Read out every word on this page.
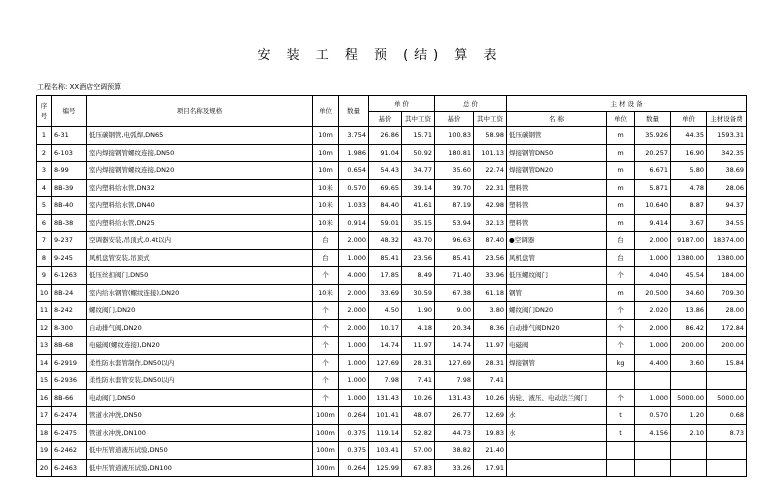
安 装 工 程 预 (结) 算 表
工程名称: XX酒店空调预算
序号	编号	项目名称及规格	单位	数量	单 价		总 价		主 材 设 备				
					基价	其中工资	基价	其中工资	名 称	单位	数量	单价	主材设备费
1	6-31	低压碳钢管,电弧焊,DN65	10m	3.754	26.86	15.71	100.83	58.98	低压碳钢管	m	35.926	44.35	1593.31
2	6-103	室内焊接钢管螺纹连接,DN50	10m	1.986	91.04	50.92	180.81	101.13	焊接钢管DN50	m	20.257	16.90	342.35
3	8-99	室内焊接钢管螺纹连接,DN20	10m	0.654	54.43	34.77	35.60	22.74	焊接钢管DN20	m	6.671	5.80	38.69
4	8B-39	室内塑料给水管,DN32	10米	0.570	69.65	39.14	39.70	22.31	塑料管	m	5.871	4.78	28.06
5	8B-40	室内塑料给水管,DN40	10米	1.033	84.40	41.61	87.19	42.98	塑料管	m	10.640	8.87	94.37
6	8B-38	室内塑料给水管,DN25	10米	0.914	59.01	35.15	53.94	32.13	塑料管	m	9.414	3.67	34.55
7	9-237	空调器安装,吊顶式,0.4t以内	台	2.000	48.32	43.70	96.63	87.40	●空调器	台	2.000	9187.00	18374.00
8	9-245	风机盘管安装,吊顶式	台	1.000	85.41	23.56	85.41	23.56	风机盘管	台	1.000	1380.00	1380.00
9	6-1263	低压丝扣阀门,DN50	个	4.000	17.85	8.49	71.40	33.96	低压螺纹阀门	个	4.040	45.54	184.00
10	8B-24	室内给水钢管(螺纹连接),DN20	10米	2.000	33.69	30.59	67.38	61.18	钢管	m	20.500	34.60	709.30
11	8-242	螺纹阀门,DN20	个	2.000	4.50	1.90	9.00	3.80	螺纹阀门DN20	个	2.020	13.86	28.00
12	8-300	自动排气阀,DN20	个	2.000	10.17	4.18	20.34	8.36	自动排气阀DN20	个	2.000	86.42	172.84
13	8B-68	电磁阀(螺纹连接),DN20	个	1.000	14.74	11.97	14.74	11.97	电磁阀	个	1.000	200.00	200.00
14	6-2919	柔性防水套管制作,DN50以内	个	1.000	127.69	28.31	127.69	28.31	焊接钢管	kg	4.400	3.60	15.84
15	6-2936	柔性防水套管安装,DN50以内	个	1.000	7.98	7.41	7.98	7.41					
16	8B-66	电动阀门,DN50	个	1.000	131.43	10.26	131.43	10.26	齿轮、液压、电动法兰阀门	个	1.000	5000.00	5000.00
17	6-2474	管道水冲洗,DN50	100m	0.264	101.41	48.07	26.77	12.69	水	t	0.570	1.20	0.68
18	6-2475	管道水冲洗,DN100	100m	0.375	119.14	52.82	44.73	19.83	水	t	4.156	2.10	8.73
19	6-2462	低中压管道液压试验,DN50	100m	0.375	103.41	57.00	38.82	21.40					
20	6-2463	低中压管道液压试验,DN100	100m	0.264	125.99	67.83	33.26	17.91					
